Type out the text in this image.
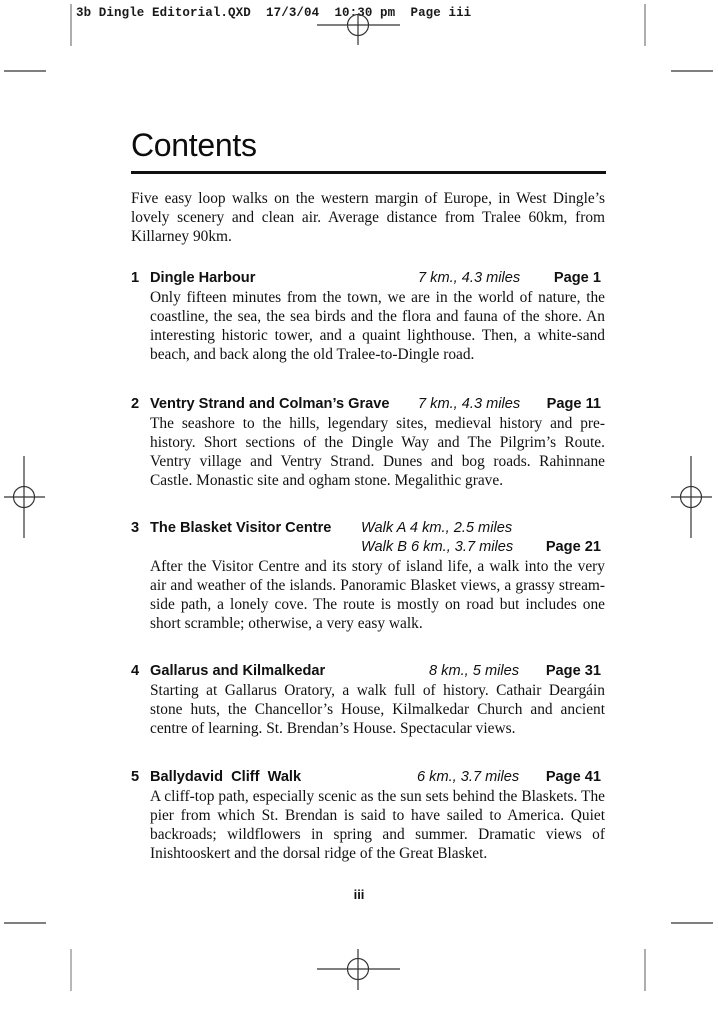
3b Dingle Editorial.QXD 17/3/04 10:30 pm Page iii
Contents
Five easy loop walks on the western margin of Europe, in West Dingle’s lovely scenery and clean air. Average distance from Tralee 60km, from Killarney 90km.
1 Dingle Harbour	7 km., 4.3 miles Page 1
Only fifteen minutes from the town, we are in the world of nature, the coastline, the sea, the sea birds and the flora and fauna of the shore. An interesting historic tower, and a quaint lighthouse. Then, a white-sand beach, and back along the old Tralee-to-Dingle road.
2 Ventry Strand and Colman’s Grave 7 km., 4.3 miles Page 11
The seashore to the hills, legendary sites, medieval history and pre-history. Short sections of the Dingle Way and The Pilgrim’s Route. Ventry village and Ventry Strand. Dunes and bog roads. Rahinnane Castle. Monastic site and ogham stone. Megalithic grave.
3 The Blasket Visitor Centre Walk A 4 km., 2.5 miles
Walk B 6 km., 3.7 miles Page 21
After the Visitor Centre and its story of island life, a walk into the very air and weather of the islands. Panoramic Blasket views, a grassy stream-side path, a lonely cove. The route is mostly on road but includes one short scramble; otherwise, a very easy walk.
4 Gallarus and Kilmalkedar	8 km., 5 miles Page 31
Starting at Gallarus Oratory, a walk full of history. Cathair Deargáin stone huts, the Chancellor’s House, Kilmalkedar Church and ancient centre of learning. St. Brendan’s House. Spectacular views.
5 Ballydavid  Cliff  Walk	6 km., 3.7 miles Page 41
A cliff-top path, especially scenic as the sun sets behind the Blaskets. The pier from which St. Brendan is said to have sailed to America. Quiet backroads; wildflowers in spring and summer. Dramatic views of Inishtooskert and the dorsal ridge of the Great Blasket.
iii
